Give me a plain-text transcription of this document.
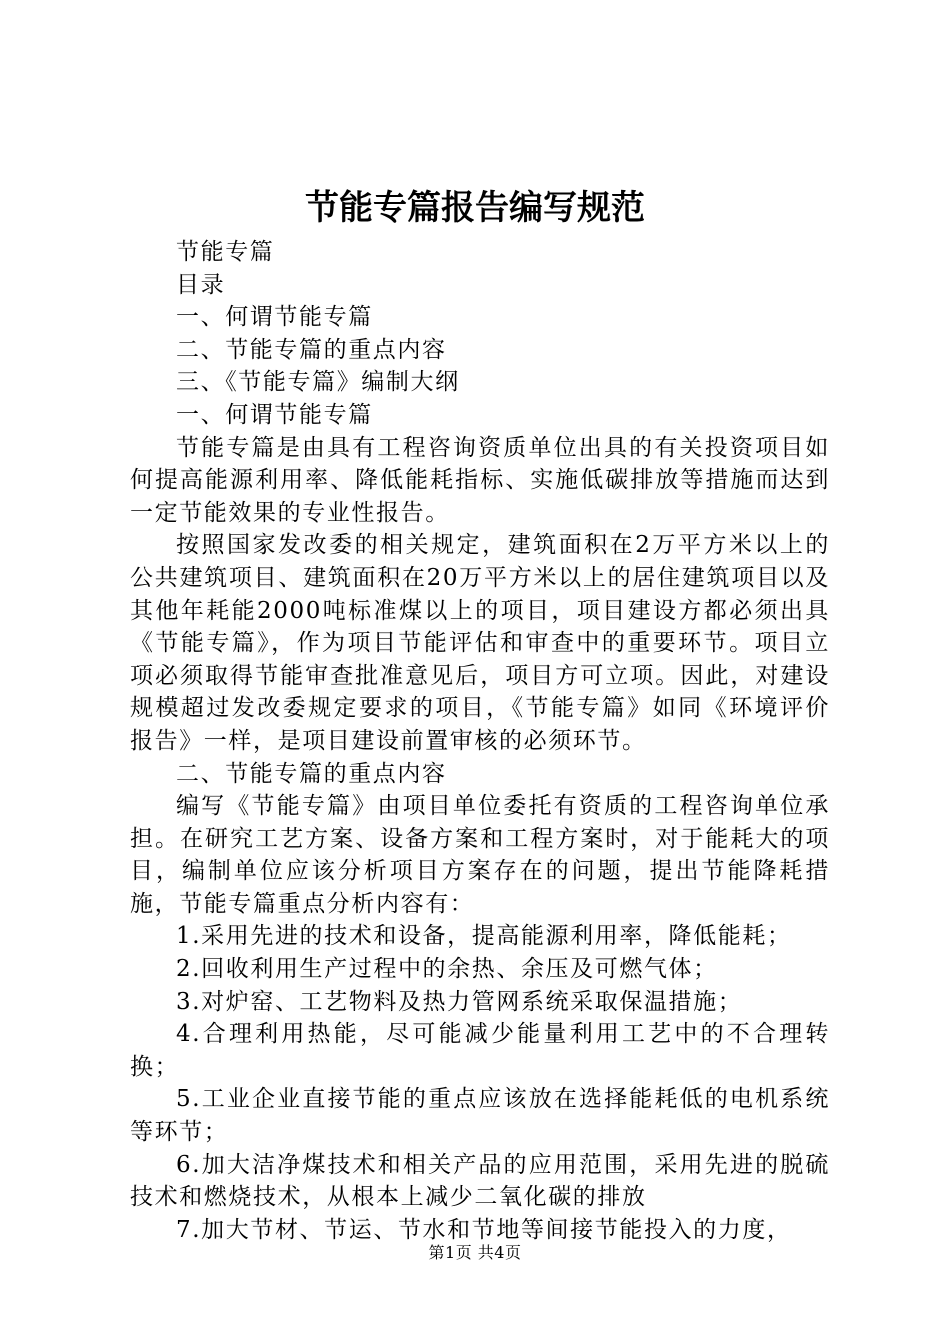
节能专篇报告编写规范

节能专篇

目录

一、何谓节能专篇

二、节能专篇的重点内容

三、《节能专篇》编制大纲

一、何谓节能专篇

节能专篇是由具有工程咨询资质单位出具的有关投资项目如何提高能源利用率、降低能耗指标、实施低碳排放等措施而达到一定节能效果的专业性报告。

按照国家发改委的相关规定，建筑面积在2万平方米以上的公共建筑项目、建筑面积在20万平方米以上的居住建筑项目以及其他年耗能2000吨标准煤以上的项目，项目建设方都必须出具《节能专篇》，作为项目节能评估和审查中的重要环节。项目立项必须取得节能审查批准意见后，项目方可立项。因此，对建设规模超过发改委规定要求的项目，《节能专篇》如同《环境评价报告》一样，是项目建设前置审核的必须环节。

二、节能专篇的重点内容

编写《节能专篇》由项目单位委托有资质的工程咨询单位承担。在研究工艺方案、设备方案和工程方案时，对于能耗大的项目，编制单位应该分析项目方案存在的问题，提出节能降耗措施，节能专篇重点分析内容有：

1.采用先进的技术和设备，提高能源利用率，降低能耗；

2.回收利用生产过程中的余热、余压及可燃气体；

3.对炉窑、工艺物料及热力管网系统采取保温措施；

4.合理利用热能，尽可能减少能量利用工艺中的不合理转换；

5.工业企业直接节能的重点应该放在选择能耗低的电机系统等环节；

6.加大洁净煤技术和相关产品的应用范围，采用先进的脱硫技术和燃烧技术，从根本上减少二氧化碳的排放

7.加大节材、节运、节水和节地等间接节能投入的力度，

第1页 共4页
